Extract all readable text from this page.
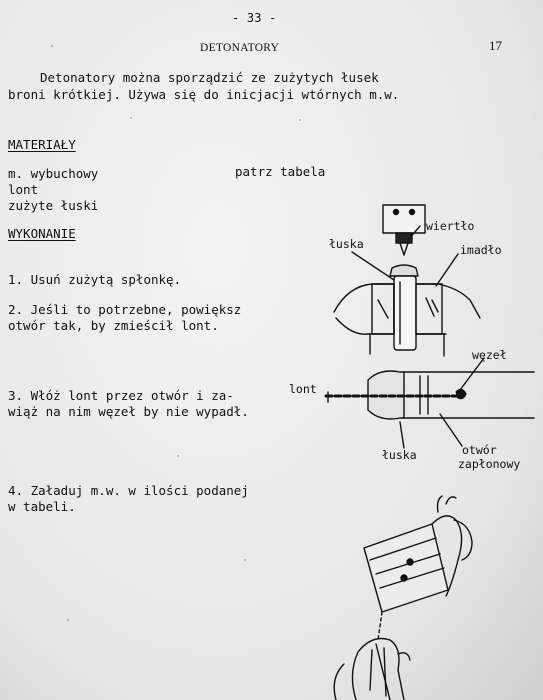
- 33 -
DETONATORY	17
Detonatory można sporządzić ze zużytych łusek
broni krótkiej. Używa się do inicjacji wtórnych m.w.
MATERIAŁY
m. wybuchowy
lont
zużyte łuski
patrz tabela
WYKONANIE
1. Usuń zużytą spłonkę.
2. Jeśli to potrzebne, powiększ
otwór tak, by zmieścił lont.
3. Włóż lont przez otwór i za-
wiąż na nim węzeł by nie wypadł.
4. Załaduj m.w. w ilości podanej
w tabeli.
wiertło
łuska	imadło
węzeł
lont
łuska	otwór
zapłonowy
